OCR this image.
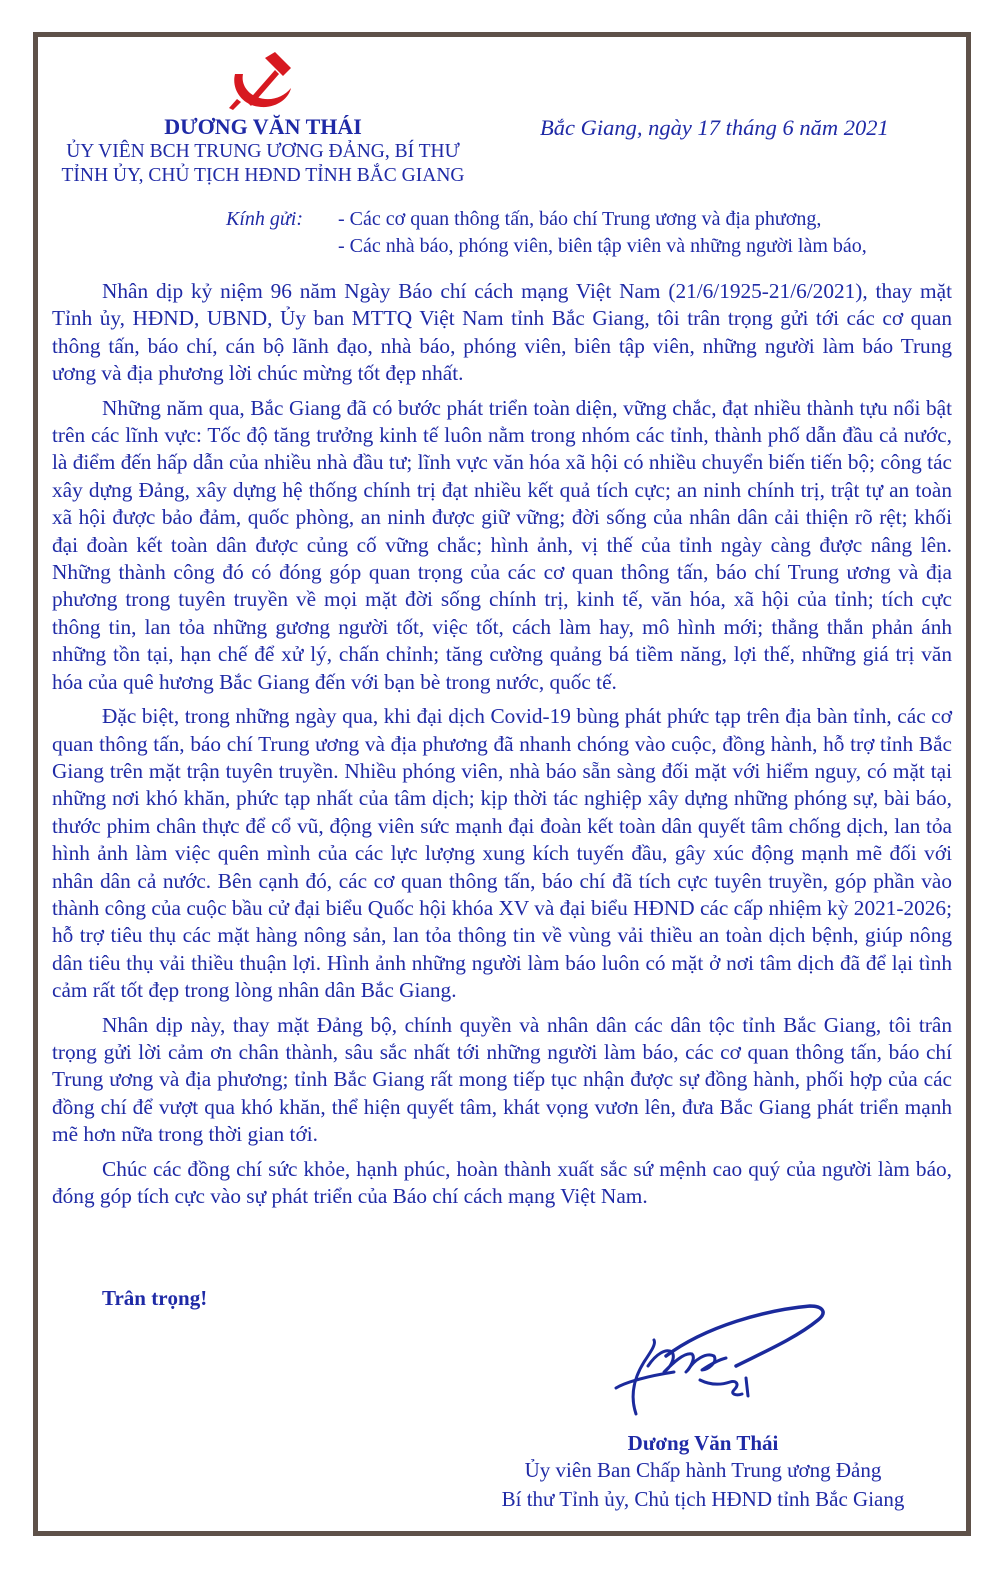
DƯƠNG VĂN THÁI
ỦY VIÊN BCH TRUNG ƯƠNG ĐẢNG, BÍ THƯ
TỈNH ỦY, CHỦ TỊCH HĐND TỈNH BẮC GIANG
Bắc Giang, ngày 17 tháng 6 năm 2021
Kính gửi:	- Các cơ quan thông tấn, báo chí Trung ương và địa phương,
- Các nhà báo, phóng viên, biên tập viên và những người làm báo,

Nhân dịp kỷ niệm 96 năm Ngày Báo chí cách mạng Việt Nam (21/6/1925-21/6/2021), thay mặt Tỉnh ủy, HĐND, UBND, Ủy ban MTTQ Việt Nam tỉnh Bắc Giang, tôi trân trọng gửi tới các cơ quan thông tấn, báo chí, cán bộ lãnh đạo, nhà báo, phóng viên, biên tập viên, những người làm báo Trung ương và địa phương lời chúc mừng tốt đẹp nhất.

Những năm qua, Bắc Giang đã có bước phát triển toàn diện, vững chắc, đạt nhiều thành tựu nổi bật trên các lĩnh vực: Tốc độ tăng trưởng kinh tế luôn nằm trong nhóm các tỉnh, thành phố dẫn đầu cả nước, là điểm đến hấp dẫn của nhiều nhà đầu tư; lĩnh vực văn hóa xã hội có nhiều chuyển biến tiến bộ; công tác xây dựng Đảng, xây dựng hệ thống chính trị đạt nhiều kết quả tích cực; an ninh chính trị, trật tự an toàn xã hội được bảo đảm, quốc phòng, an ninh được giữ vững; đời sống của nhân dân cải thiện rõ rệt; khối đại đoàn kết toàn dân được củng cố vững chắc; hình ảnh, vị thế của tỉnh ngày càng được nâng lên. Những thành công đó có đóng góp quan trọng của các cơ quan thông tấn, báo chí Trung ương và địa phương trong tuyên truyền về mọi mặt đời sống chính trị, kinh tế, văn hóa, xã hội của tỉnh; tích cực thông tin, lan tỏa những gương người tốt, việc tốt, cách làm hay, mô hình mới; thẳng thắn phản ánh những tồn tại, hạn chế để xử lý, chấn chỉnh; tăng cường quảng bá tiềm năng, lợi thế, những giá trị văn hóa của quê hương Bắc Giang đến với bạn bè trong nước, quốc tế.

Đặc biệt, trong những ngày qua, khi đại dịch Covid-19 bùng phát phức tạp trên địa bàn tỉnh, các cơ quan thông tấn, báo chí Trung ương và địa phương đã nhanh chóng vào cuộc, đồng hành, hỗ trợ tỉnh Bắc Giang trên mặt trận tuyên truyền. Nhiều phóng viên, nhà báo sẵn sàng đối mặt với hiểm nguy, có mặt tại những nơi khó khăn, phức tạp nhất của tâm dịch; kịp thời tác nghiệp xây dựng những phóng sự, bài báo, thước phim chân thực để cổ vũ, động viên sức mạnh đại đoàn kết toàn dân quyết tâm chống dịch, lan tỏa hình ảnh làm việc quên mình của các lực lượng xung kích tuyến đầu, gây xúc động mạnh mẽ đối với nhân dân cả nước. Bên cạnh đó, các cơ quan thông tấn, báo chí đã tích cực tuyên truyền, góp phần vào thành công của cuộc bầu cử đại biểu Quốc hội khóa XV và đại biểu HĐND các cấp nhiệm kỳ 2021-2026; hỗ trợ tiêu thụ các mặt hàng nông sản, lan tỏa thông tin về vùng vải thiều an toàn dịch bệnh, giúp nông dân tiêu thụ vải thiều thuận lợi. Hình ảnh những người làm báo luôn có mặt ở nơi tâm dịch đã để lại tình cảm rất tốt đẹp trong lòng nhân dân Bắc Giang.

Nhân dịp này, thay mặt Đảng bộ, chính quyền và nhân dân các dân tộc tỉnh Bắc Giang, tôi trân trọng gửi lời cảm ơn chân thành, sâu sắc nhất tới những người làm báo, các cơ quan thông tấn, báo chí Trung ương và địa phương; tỉnh Bắc Giang rất mong tiếp tục nhận được sự đồng hành, phối hợp của các đồng chí để vượt qua khó khăn, thể hiện quyết tâm, khát vọng vươn lên, đưa Bắc Giang phát triển mạnh mẽ hơn nữa trong thời gian tới.

Chúc các đồng chí sức khỏe, hạnh phúc, hoàn thành xuất sắc sứ mệnh cao quý của người làm báo, đóng góp tích cực vào sự phát triển của Báo chí cách mạng Việt Nam.

Trân trọng!
Dương Văn Thái
Ủy viên Ban Chấp hành Trung ương Đảng
Bí thư Tỉnh ủy, Chủ tịch HĐND tỉnh Bắc Giang
